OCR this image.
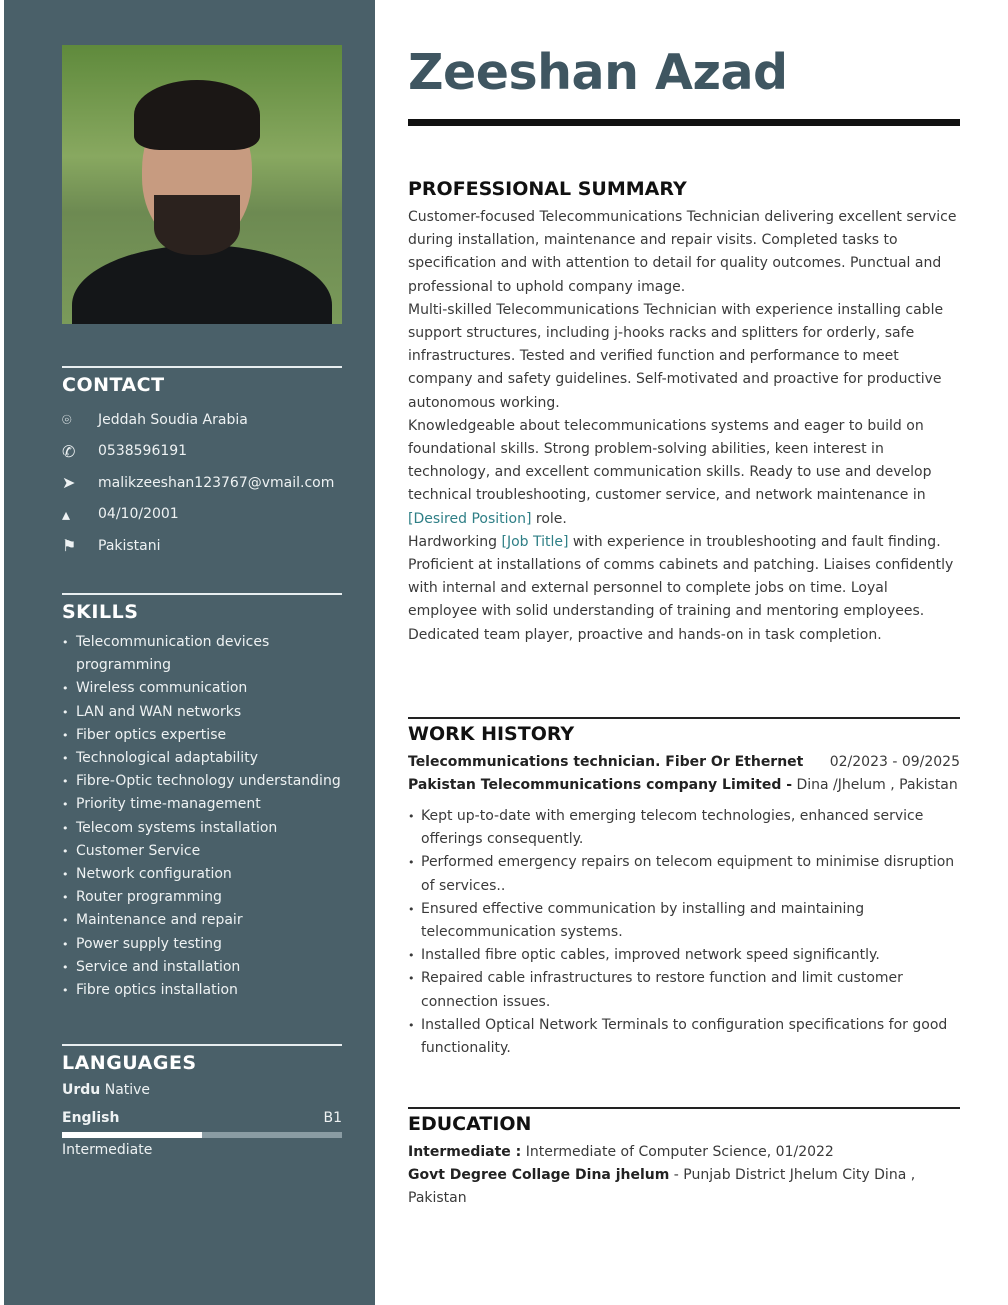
CONTACT
⌾	Jeddah Soudia Arabia
✆	0538596191
➤	malikzeeshan123767@vmail.com
▴	04/10/2001
⚑	Pakistani
SKILLS
• Telecommunication devices programming
• Wireless communication
• LAN and WAN networks
• Fiber optics expertise
• Technological adaptability
• Fibre-Optic technology understanding
• Priority time-management
• Telecom systems installation
• Customer Service
• Network configuration
• Router programming
• Maintenance and repair
• Power supply testing
• Service and installation
• Fibre optics installation
LANGUAGES
Urdu Native
English	B1
Intermediate
Zeeshan Azad
PROFESSIONAL SUMMARY
Customer-focused Telecommunications Technician delivering excellent service during installation, maintenance and repair visits. Completed tasks to specification and with attention to detail for quality outcomes. Punctual and professional to uphold company image.
Multi-skilled Telecommunications Technician with experience installing cable support structures, including j-hooks racks and splitters for orderly, safe infrastructures. Tested and verified function and performance to meet company and safety guidelines. Self-motivated and proactive for productive autonomous working.
Knowledgeable about telecommunications systems and eager to build on foundational skills. Strong problem-solving abilities, keen interest in technology, and excellent communication skills. Ready to use and develop technical troubleshooting, customer service, and network maintenance in [Desired Position] role.
Hardworking [Job Title] with experience in troubleshooting and fault finding. Proficient at installations of comms cabinets and patching. Liaises confidently with internal and external personnel to complete jobs on time. Loyal employee with solid understanding of training and mentoring employees. Dedicated team player, proactive and hands-on in task completion.
WORK HISTORY
Telecommunications technician. Fiber Or Ethernet 02/2023 - 09/2025
Pakistan Telecommunications company Limited - Dina /Jhelum , Pakistan
• Kept up-to-date with emerging telecom technologies, enhanced service offerings consequently.
• Performed emergency repairs on telecom equipment to minimise disruption of services..
• Ensured effective communication by installing and maintaining telecommunication systems.
• Installed fibre optic cables, improved network speed significantly.
• Repaired cable infrastructures to restore function and limit customer connection issues.
• Installed Optical Network Terminals to configuration specifications for good functionality.
EDUCATION
Intermediate : Intermediate of Computer Science, 01/2022
Govt Degree Collage Dina jhelum - Punjab District Jhelum City Dina , Pakistan
